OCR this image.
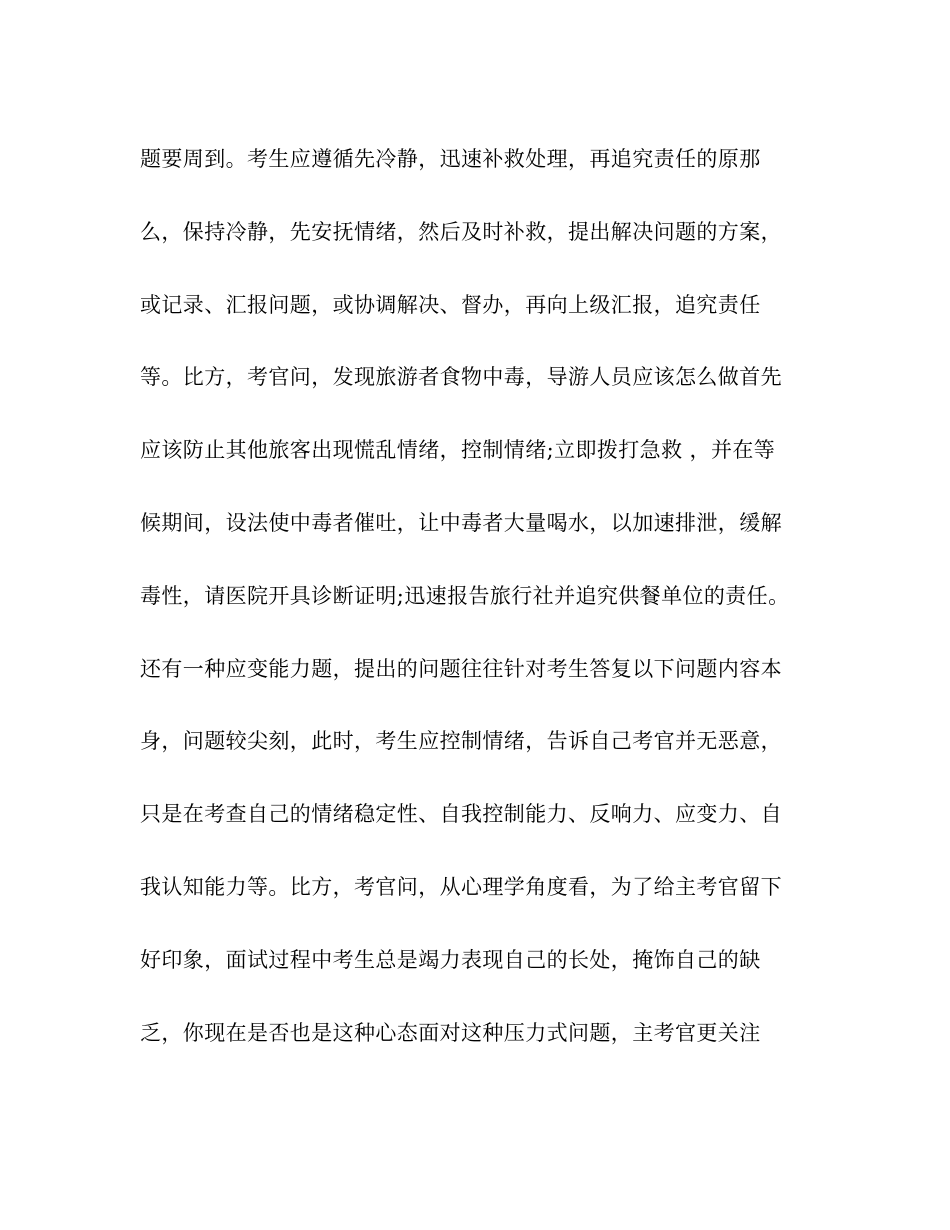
题要周到。考生应遵循先冷静，迅速补救处理，再追究责任的原那
么，保持冷静，先安抚情绪，然后及时补救，提出解决问题的方案，
或记录、汇报问题，或协调解决、督办，再向上级汇报，追究责任
等。比方，考官问，发现旅游者食物中毒，导游人员应该怎么做首先
应该防止其他旅客出现慌乱情绪，控制情绪;立即拨打急救 ，并在等
候期间，设法使中毒者催吐，让中毒者大量喝水，以加速排泄，缓解
毒性，请医院开具诊断证明;迅速报告旅行社并追究供餐单位的责任。
还有一种应变能力题，提出的问题往往针对考生答复以下问题内容本
身，问题较尖刻，此时，考生应控制情绪，告诉自己考官并无恶意，
只是在考查自己的情绪稳定性、自我控制能力、反响力、应变力、自
我认知能力等。比方，考官问，从心理学角度看，为了给主考官留下
好印象，面试过程中考生总是竭力表现自己的长处，掩饰自己的缺
乏，你现在是否也是这种心态面对这种压力式问题，主考官更关注
